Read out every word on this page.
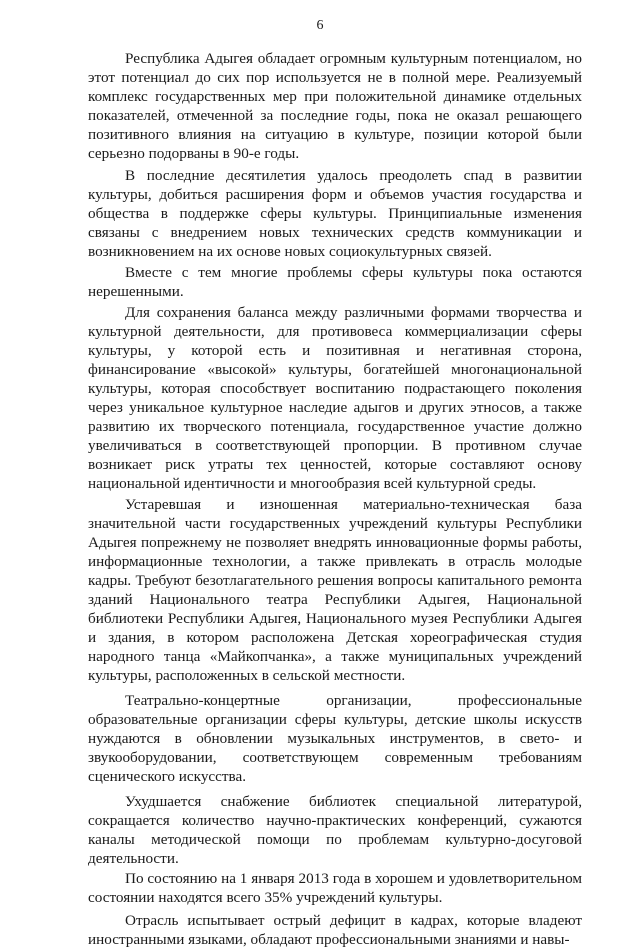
6

Республика Адыгея обладает огромным культурным потенциалом, но этот потенциал до сих пор используется не в полной мере. Реализуемый комплекс государственных мер при положительной динамике отдельных показателей, отмеченной за последние годы, пока не оказал решающего позитивного влияния на ситуацию в культуре, позиции которой были серьезно подорваны в 90-е годы.

В последние десятилетия удалось преодолеть спад в развитии культуры, добиться расширения форм и объемов участия государства и общества в поддержке сферы культуры. Принципиальные изменения связаны с внедрением новых технических средств коммуникации и возникновением на их основе новых социокультурных связей.

Вместе с тем многие проблемы сферы культуры пока остаются нерешенными.

Для сохранения баланса между различными формами творчества и культурной деятельности, для противовеса коммерциализации сферы культуры, у которой есть и позитивная и негативная сторона, финансирование «высокой» культуры, богатейшей многонациональной культуры, которая способствует воспитанию подрастающего поколения через уникальное культурное наследие адыгов и других этносов, а также развитию их творческого потенциала, государственное участие должно увеличиваться в соответствующей пропорции. В противном случае возникает риск утраты тех ценностей, которые составляют основу национальной идентичности и многообразия всей культурной среды.

Устаревшая и изношенная материально-техническая база значительной части государственных учреждений культуры Республики Адыгея попрежнему не позволяет внедрять инновационные формы работы, информационные технологии, а также привлекать в отрасль молодые кадры. Требуют безотлагательного решения вопросы капитального ремонта зданий Национального театра Республики Адыгея, Национальной библиотеки Республики Адыгея, Национального музея Республики Адыгея и здания, в котором расположена Детская хореографическая студия народного танца «Майкопчанка», а также муниципальных учреждений культуры, расположенных в сельской местности.

Театрально-концертные организации, профессиональные образовательные организации сферы культуры, детские школы искусств нуждаются в обновлении музыкальных инструментов, в свето- и звукооборудовании, соответствующем современным требованиям сценического искусства.

Ухудшается снабжение библиотек специальной литературой, сокращается количество научно-практических конференций, сужаются каналы методической помощи по проблемам культурно-досуговой деятельности.

По состоянию на 1 января 2013 года в хорошем и удовлетворительном состоянии находятся всего 35% учреждений культуры.

Отрасль испытывает острый дефицит в кадрах, которые владеют иностранными языками, обладают профессиональными знаниями и навы-
